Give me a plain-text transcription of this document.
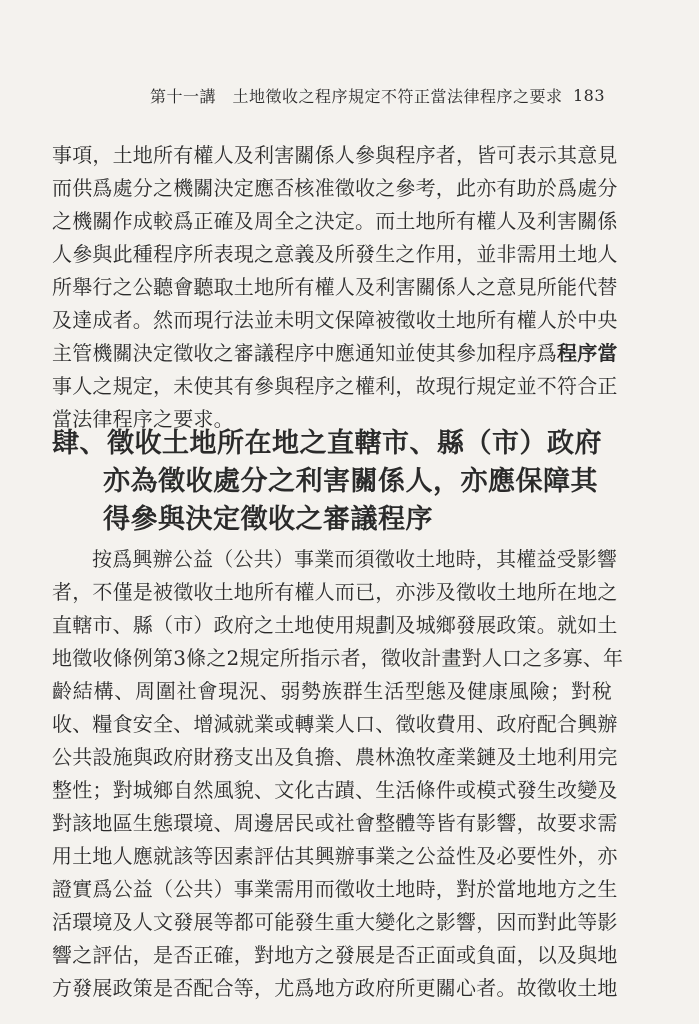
第十一講　土地徵收之程序規定不符正當法律程序之要求 183
事項，土地所有權人及利害關係人參與程序者，皆可表示其意見
而供爲處分之機關決定應否核准徵收之參考，此亦有助於爲處分
之機關作成較爲正確及周全之決定。而土地所有權人及利害關係
人參與此種程序所表現之意義及所發生之作用，並非需用土地人
所舉行之公聽會聽取土地所有權人及利害關係人之意見所能代替
及達成者。然而現行法並未明文保障被徵收土地所有權人於中央
主管機關決定徵收之審議程序中應通知並使其參加程序爲程序當
事人之規定，未使其有參與程序之權利，故現行規定並不符合正
當法律程序之要求。
肆、徵收土地所在地之直轄市、縣（市）政府
亦為徵收處分之利害關係人，亦應保障其
得參與決定徵收之審議程序
按爲興辦公益（公共）事業而須徵收土地時，其權益受影響
者，不僅是被徵收土地所有權人而已，亦涉及徵收土地所在地之
直轄市、縣（市）政府之土地使用規劃及城鄉發展政策。就如土
地徵收條例第3條之2規定所指示者，徵收計畫對人口之多寡、年
齡結構、周圍社會現況、弱勢族群生活型態及健康風險；對稅
收、糧食安全、增減就業或轉業人口、徵收費用、政府配合興辦
公共設施與政府財務支出及負擔、農林漁牧產業鏈及土地利用完
整性；對城鄉自然風貌、文化古蹟、生活條件或模式發生改變及
對該地區生態環境、周邊居民或社會整體等皆有影響，故要求需
用土地人應就該等因素評估其興辦事業之公益性及必要性外，亦
證實爲公益（公共）事業需用而徵收土地時，對於當地地方之生
活環境及人文發展等都可能發生重大變化之影響，因而對此等影
響之評估，是否正確，對地方之發展是否正面或負面，以及與地
方發展政策是否配合等，尤爲地方政府所更關心者。故徵收土地
